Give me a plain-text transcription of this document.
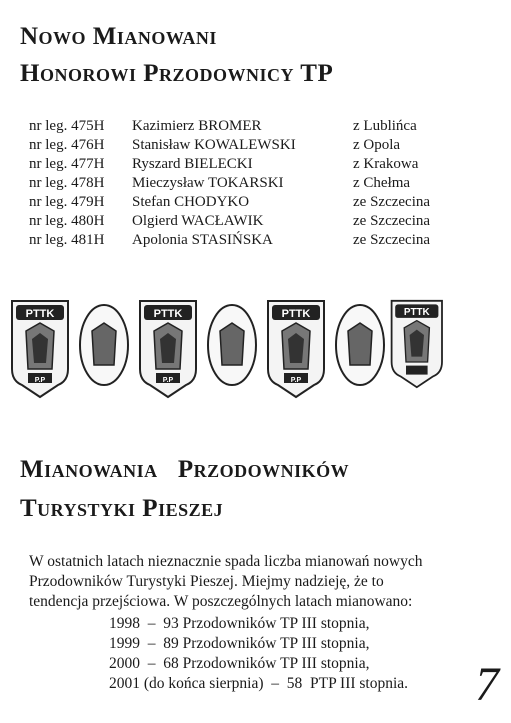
Nowo Mianowani
Honorowi Przodownicy TP
nr leg. 475H Kazimierz BROMER	z Lublińca
nr leg. 476H Stanisław KOWALEWSKI	z Opola
nr leg. 477H Ryszard BIELECKI	z Krakowa
nr leg. 478H Mieczysław TOKARSKI	z Chełma
nr leg. 479H Stefan CHODYKO	ze Szczecina
nr leg. 480H Olgierd WACŁAWIK	ze Szczecina
nr leg. 481H Apolonia STASIŃSKA	ze Szczecina
PTTK
P.P
PTTK
P.P
PTTK
P.P
PTTK
Mianowania   Przodowników
Turystyki Pieszej

W ostatnich latach nieznacznie spada liczba mianowań nowych

Przodowników Turystyki Pieszej. Miejmy nadzieję, że to

tendencja przejściowa. W poszczególnych latach mianowano:

1998  –  93 Przodowników TP III stopnia,
1999  –  89 Przodowników TP III stopnia,
2000  –  68 Przodowników TP III stopnia,
2001 (do końca sierpnia)  –  58  PTP III stopnia. 7
